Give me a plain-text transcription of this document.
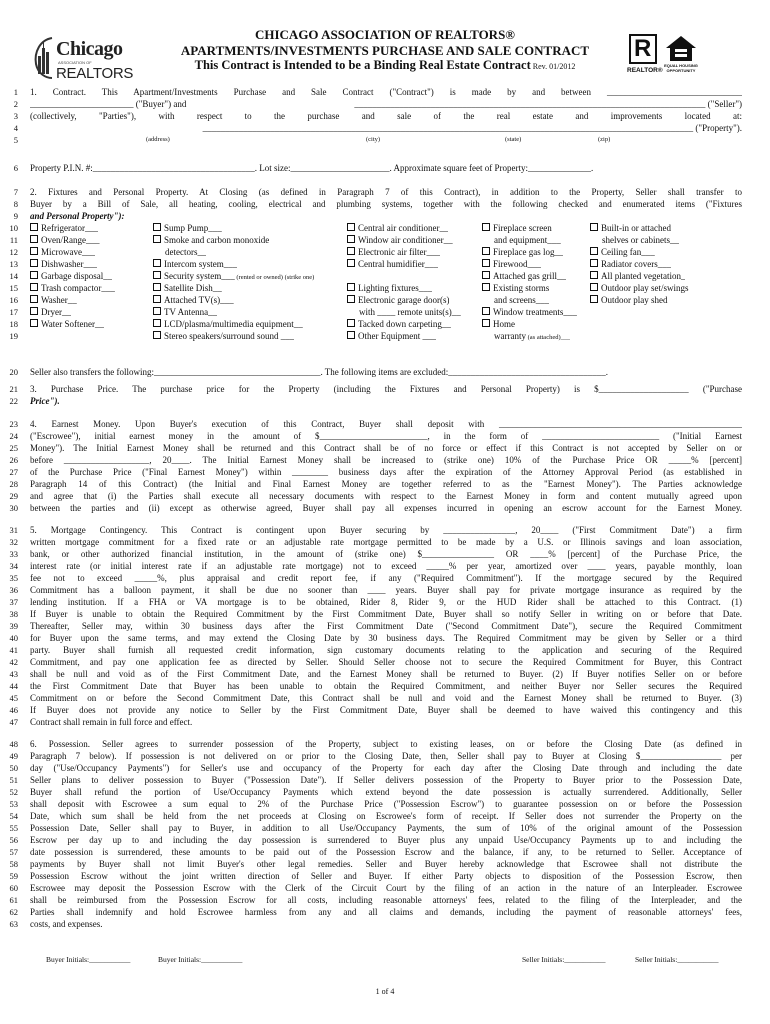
Chicago
ASSOCIATION OF
REALTORS
CHICAGO ASSOCIATION OF REALTORS®
APARTMENTS/INVESTMENTS PURCHASE AND SALE CONTRACT
This Contract is Intended to be a Binding Real Estate Contract Rev. 01/2012
R
REALTOR®
EQUAL HOUSING OPPORTUNITY
1 1. Contract. This Apartment/Investments Purchase and Sale Contract ("Contract") is made by and between ______________________________
2 _______________________ ("Buyer") and	______________________________________________________________________________ ("Seller")
3 (collectively, "Parties"), with respect to the purchase and sale of the real estate and improvements located at:
4	_____________________________________________________________________________________________________________ ("Property").
5	(address)	(city)	(state)	(zip)
6 Property P.I.N. #:____________________________________. Lot size:______________________. Approximate square feet of Property:______________.
7 2. Fixtures and Personal Property. At Closing (as defined in Paragraph 7 of this Contract), in addition to the Property, Seller shall transfer to
8 Buyer by a Bill of Sale, all heating, cooling, electrical and plumbing systems, together with the following checked and enumerated items ("Fixtures
9 and Personal Property"):
10	Refrigerator___	Sump Pump___	Central air conditioner__	Fireplace screen	Built-in or attached
11	Oven/Range___	Smoke and carbon monoxide	Window air conditioner__	and equipment___	shelves or cabinets__
12	Microwave___	detectors__	Electronic air filter___	Fireplace gas log__	Ceiling fan___
13	Dishwasher___	Intercom system___	Central humidifier___	Firewood___	Radiator covers___
14	Garbage disposal__	Security system___ (rented or owned) (strike one)	Attached gas grill__	All planted vegetation_
15	Trash compactor___	Satellite Dish__	Lighting fixtures___	Existing storms	Outdoor play set/swings
16	Washer__	Attached TV(s)___	Electronic garage door(s)	and screens___	Outdoor play shed
17	Dryer__	TV Antenna__	with ____ remote units(s)__	Window treatments___
18	Water Softener__	LCD/plasma/multimedia equipment__	Tacked down carpeting__	Home
19	Stereo speakers/surround sound ___	Other Equipment ___	warranty (as attached)___
20 Seller also transfers the following:_____________________________________. The following items are excluded:___________________________________.
21 3. Purchase Price. The purchase price for the Property (including the Fixtures and Personal Property) is $____________________ ("Purchase
22 Price").
23 4. Earnest Money. Upon Buyer's execution of this Contract, Buyer shall deposit with ______________________________________________________
24 ("Escrowee"), initial earnest money in the amount of $________________________, in the form of __________________________ ("Initial Earnest
25 Money"). The Initial Earnest Money shall be returned and this Contract shall be of no force or effect if this Contract is not accepted by Seller on or
26 before ___________________, 20____. The Initial Earnest Money shall be increased to (strike one) 10% of the Purchase Price OR _____% [percent]
27 of the Purchase Price ("Final Earnest Money") within ________ business days after the expiration of the Attorney Approval Period (as established in
28 Paragraph 14 of this Contract) (the Initial and Final Earnest Money are together referred to as the "Earnest Money"). The Parties acknowledge
29 and agree that (i) the Parties shall execute all necessary documents with respect to the Earnest Money in form and content mutually agreed upon
30 between the parties and (ii) except as otherwise agreed, Buyer shall pay all expenses incurred in opening an escrow account for the Earnest Money.
31 5. Mortgage Contingency. This Contract is contingent upon Buyer securing by ________________, 20____ ("First Commitment Date") a firm
32 written mortgage commitment for a fixed rate or an adjustable rate mortgage permitted to be made by a U.S. or Illinois savings and loan association,
33 bank, or other authorized financial institution, in the amount of (strike one) $________________ OR ____% [percent] of the Purchase Price, the
34 interest rate (or initial interest rate if an adjustable rate mortgage) not to exceed _____% per year, amortized over ____ years, payable monthly, loan
35 fee not to exceed _____%, plus appraisal and credit report fee, if any ("Required Commitment"). If the mortgage secured by the Required
36 Commitment has a balloon payment, it shall be due no sooner than ____ years. Buyer shall pay for private mortgage insurance as required by the
37 lending institution. If a FHA or VA mortgage is to be obtained, Rider 8, Rider 9, or the HUD Rider shall be attached to this Contract. (1)
38 If Buyer is unable to obtain the Required Commitment by the First Commitment Date, Buyer shall so notify Seller in writing on or before that Date.
39 Thereafter, Seller may, within 30 business days after the First Commitment Date ("Second Commitment Date"), secure the Required Commitment
40 for Buyer upon the same terms, and may extend the Closing Date by 30 business days. The Required Commitment may be given by Seller or a third
41 party. Buyer shall furnish all requested credit information, sign customary documents relating to the application and securing of the Required
42 Commitment, and pay one application fee as directed by Seller. Should Seller choose not to secure the Required Commitment for Buyer, this Contract
43 shall be null and void as of the First Commitment Date, and the Earnest Money shall be returned to Buyer. (2) If Buyer notifies Seller on or before
44 the First Commitment Date that Buyer has been unable to obtain the Required Commitment, and neither Buyer nor Seller secures the Required
45 Commitment on or before the Second Commitment Date, this Contract shall be null and void and the Earnest Money shall be returned to Buyer. (3)
46 If Buyer does not provide any notice to Seller by the First Commitment Date, Buyer shall be deemed to have waived this contingency and this
47 Contract shall remain in full force and effect.
48 6. Possession. Seller agrees to surrender possession of the Property, subject to existing leases, on or before the Closing Date (as defined in
49 Paragraph 7 below). If possession is not delivered on or prior to the Closing Date, then, Seller shall pay to Buyer at Closing $__________________ per
50 day ("Use/Occupancy Payments") for Seller's use and occupancy of the Property for each day after the Closing Date through and including the date
51 Seller plans to deliver possession to Buyer ("Possession Date"). If Seller delivers possession of the Property to Buyer prior to the Possession Date,
52 Buyer shall refund the portion of Use/Occupancy Payments which extend beyond the date possession is actually surrendered. Additionally, Seller
53 shall deposit with Escrowee a sum equal to 2% of the Purchase Price ("Possession Escrow") to guarantee possession on or before the Possession
54 Date, which sum shall be held from the net proceeds at Closing on Escrowee's form of receipt. If Seller does not surrender the Property on the
55 Possession Date, Seller shall pay to Buyer, in addition to all Use/Occupancy Payments, the sum of 10% of the original amount of the Possession
56 Escrow per day up to and including the day possession is surrendered to Buyer plus any unpaid Use/Occupancy Payments up to and including the
57 date possession is surrendered, these amounts to be paid out of the Possession Escrow and the balance, if any, to be returned to Seller. Acceptance of
58 payments by Buyer shall not limit Buyer's other legal remedies. Seller and Buyer hereby acknowledge that Escrowee shall not distribute the
59 Possession Escrow without the joint written direction of Seller and Buyer. If either Party objects to disposition of the Possession Escrow, then
60 Escrowee may deposit the Possession Escrow with the Clerk of the Circuit Court by the filing of an action in the nature of an Interpleader. Escrowee
61 shall be reimbursed from the Possession Escrow for all costs, including reasonable attorneys' fees, related to the filing of the Interpleader, and the
62 Parties shall indemnify and hold Escrowee harmless from any and all claims and demands, including the payment of reasonable attorneys' fees,
63 costs, and expenses.
Buyer Initials:___________	Buyer Initials:___________	Seller Initials:___________	Seller Initials:___________
1 of 4
